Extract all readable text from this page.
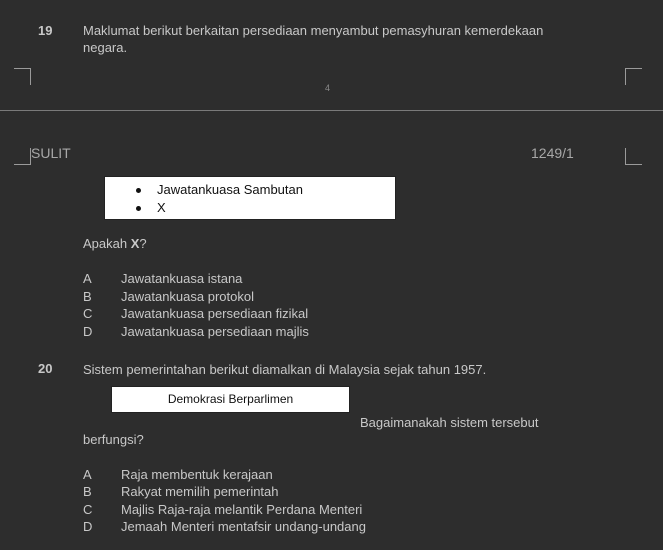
19 Maklumat berikut berkaitan persediaan menyambut pemasyhuran kemerdekaan
negara.
4
SULIT	1249/1
Jawatankuasa Sambutan
X
Apakah X?
A	Jawatankuasa istana
B	Jawatankuasa protokol
C	Jawatankuasa persediaan fizikal
D	Jawatankuasa persediaan majlis
20 Sistem pemerintahan berikut diamalkan di Malaysia sejak tahun 1957.
Demokrasi Berparlimen
Bagaimanakah sistem tersebut
berfungsi?
A	Raja membentuk kerajaan
B	Rakyat memilih pemerintah
C	Majlis Raja-raja melantik Perdana Menteri
D	Jemaah Menteri mentafsir undang-undang
